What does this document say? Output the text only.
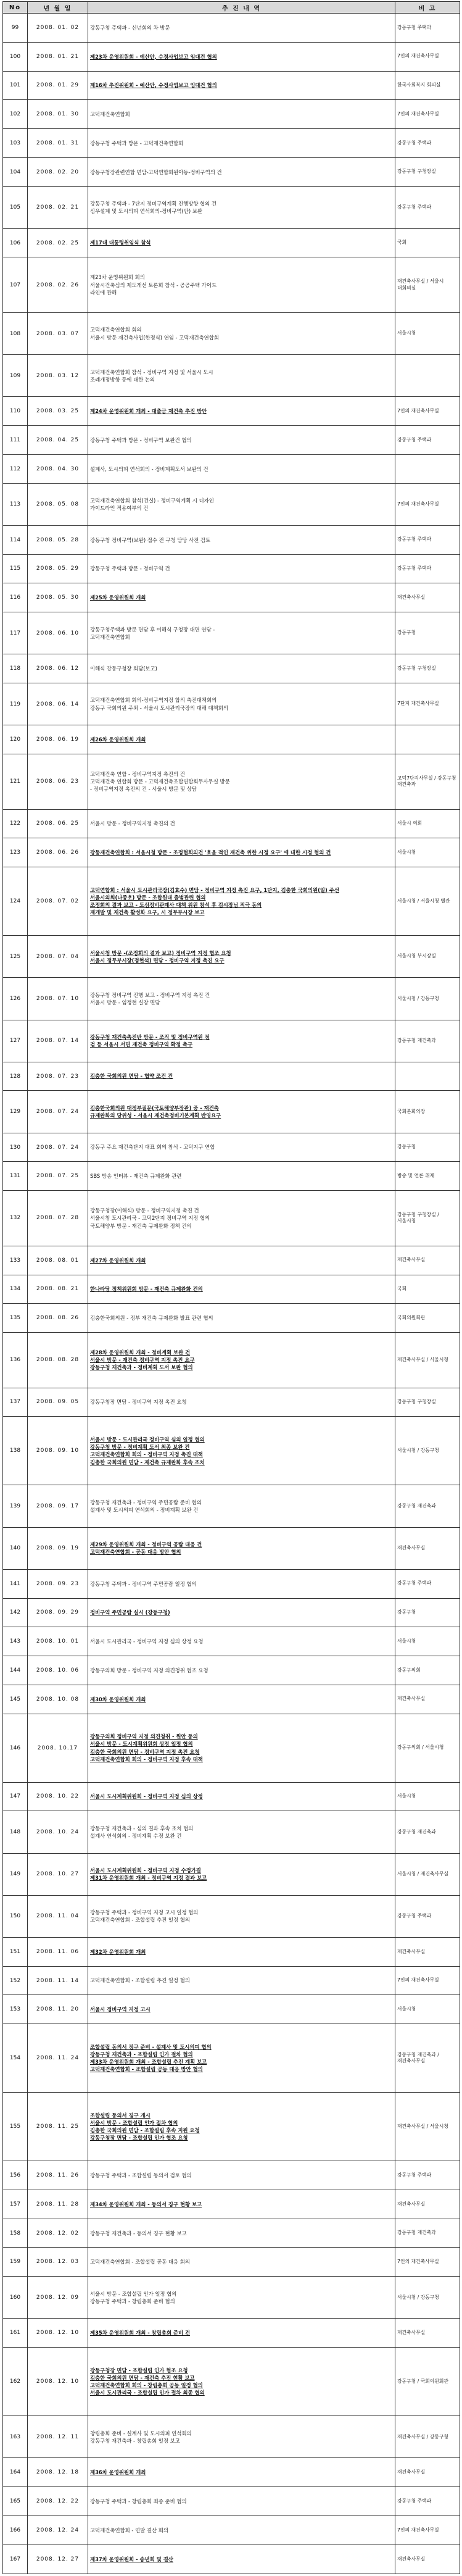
No	년 월 일	추 진 내 역	비 고
99	2008. 01. 02	강동구청 주택과 - 신년회의 차 방문	강동구청 주택과
100	2008. 01. 21	제23차 운영위원회 - 예산안, 수정사업보고 임대건 협의	7인의 재건축사무실
101	2008. 01. 29	제16차 추진위원회 - 예산안, 수정사업보고 임대건 협의	한국사회복지 회의실
102	2008. 01. 30	고덕재건축연합회	7인의 재건축사무실
103	2008. 01. 31	강동구청 주택과 방문 - 고덕재건축연합회	강동구청 주택과
104	2008. 02. 20	강동구청장관련연합 면담-고덕연합회원아동-정비구역의 건	강동구청 구청장실
105	2008. 02. 21	강동구청 주택과 - 7단지 정비구역계획 진행방향 협의 건
심우설계 및 도시의피 연석회의-정비구역(안) 보완	강동구청 주택과
106	2008. 02. 25	제17대 대통령취임식 참석	국회
107	2008. 02. 26	제23차 운영위원회 회의
서울시건축심의 제도개선 토론회 참석 - 공공주택 가이드
라인에 관해	재건축사무실 / 서울시 대회의실
108	2008. 03. 07	고덕재건축연합회 회의
서울시 방문 재건축사업(한정식) 연임 - 고덕재건축연합회	서울시청
109	2008. 03. 12	고덕재건축연합회 참석 - 정비구역 지정 및 서울시 도시
조례개정방향 등에 대한 논의	

110	2008. 03. 25	제24차 운영위원회 개최 - 대출금 재건축 추진 방안	7인의 재건축사무실
111	2008. 04. 25	강동구청 주택과 방문 - 정비구역 보완건 협의	강동구청 주택과
112	2008. 04. 30	설계사, 도시의피 연석회의 - 정비계획도서 보완의 건	

113	2008. 05. 08	고덕재건축연합회 참석(건실) - 정비구역계획 시 디자인
가이드라인 적용여부의 건	7인의 재건축사무실
114	2008. 05. 28	강동구청 정비구역(보완) 접수 전 구청 담당 사전 검토	강동구청 주택과
115	2008. 05. 29	강동구청 주택과 방문 - 정비구역 건	강동구청 주택과
116	2008. 05. 30	제25차 운영위원회 개최	재건축사무실
117	2008. 06. 10	강동구청주택과 방문 면담 후 이해식 구청장 대면 연담 -
고덕재건축연합회	강동구청
118	2008. 06. 12	이해식 강동구청장 회담(보고)	강동구청 구청장실
119	2008. 06. 14	고덕재건축연합회 회의-정비구역지정 합의 축진대책회의
강동구 국회의원 주최 - 서울시 도시관리국장의 대해 대책회의	7단지 재건축사무실
120	2008. 06. 19	제26차 운영위원회 개최	

121	2008. 06. 23	고덕재건축 연합 - 정비구역지정 촉진의 건
고덕재건축 연합회 방문 - 고덕재건축조합연합회무사무실 방문
- 정비구역지정 촉진의 건 - 서울시 방문 및 상담	고덕7단지사무실 / 강동구청 재건축과
122	2008. 06. 25	서울시 방문 - 정비구역지정 촉진의 건	서울시 의회
123	2008. 06. 26	강동재건축연합회 : 서울시청 방문 - 조정협회의건 '효율 적인 재건축 위한 시정 요구' 에 대한 시정 협의 건	서울시청
124	2008. 07. 02	고덕연합회 : 서울시 도시관리국장(김효수) 면담 - 정비구역 지정 촉진 요구, 1단지, 김충한 국회의원(일) 주선
서울시의회(나종호) 방문 - 조합원대 출범관련 협의
조정회의 결과 보고 - 도심정비관계사 대책 위원 참석 후 김시장님 적극 동의
재개발 및 재건축 활성화 요구, 시 정무부시장 보고	서울시청 / 서울시청 별관
125	2008. 07. 04	서울시청 방문 -(조정회의 결과 보고) 정비구역 지정 협조 요청
서울시 정무부시장(정현석) 면담 - 정비구역 지정 촉진 요구	서울시청 부시장실
126	2008. 07. 10	강동구청 정비구역 진행 보고 - 정비구역 지정 촉진 건
서울시 방문 - 임정현 실장 면담	서울시청 / 강동구청
127	2008. 07. 14	강동구청 재건축촉진반 방문 - 조직 및 정비구역원 점
검 등 서울시 서면 재건축 정비구역 확정 촉구	강동구청 재건축과
128	2008. 07. 23	김충한 국회의원 면담 - 협약 조건 건	

129	2008. 07. 24	김충한국회의원 대정부질문(국토해양부장관) 중 - 재건축
규제완화의 당위성 - 서울시 재건축정비기본계획 반영요구	국회본회의장
130	2008. 07. 24	강동구 주요 재건축단지 대표 회의 참석 - 고덕지구 연합	강동구청
131	2008. 07. 25	SBS 방송 인터뷰 - 재건축 규제완화 관련	방송 및 언론 취재
132	2008. 07. 28	강동구청장(이해식) 방문 - 정비구역지정 촉진 건
서울시청 도시관리국 - 고덕2단지 정비구역 지정 협의
국토해양부 방문 - 재건축 규제완화 정책 건의	강동구청 구청장실 / 서울시청
133	2008. 08. 01	제27차 운영위원회 개최	재건축사무실
134	2008. 08. 21	한나라당 정책위원회 방문 - 재건축 규제완화 건의	국회
135	2008. 08. 26	김충한국회의원 - 정부 재건축 규제완화 발표 관련 협의	국회의원회관
136	2008. 08. 28	제28차 운영위원회 개최 - 정비계획 보완 건
서울시 방문 - 재건축 정비구역 지정 촉진 요구
강동구청 재건축과 - 정비계획 도서 보완 협의	재건축사무실 / 서울시청
137	2008. 09. 05	강동구청장 면담 - 정비구역 지정 촉진 요청	강동구청 구청장실
138	2008. 09. 10	서울시 방문 - 도시관리국 정비구역 심의 일정 협의
강동구청 방문 - 정비계획 도서 최종 보완 건
고덕재건축연합회 회의 - 정비구역 지정 촉진 대책
김충한 국회의원 면담 - 재건축 규제완화 후속 조치	서울시청 / 강동구청
139	2008. 09. 17	강동구청 재건축과 - 정비구역 주민공람 준비 협의
설계사 및 도시의피 연석회의 - 정비계획 보완 건	강동구청 재건축과
140	2008. 09. 19	제29차 운영위원회 개최 - 정비구역 공람 대응 건
고덕재건축연합회 - 공동 대응 방안 협의	재건축사무실
141	2008. 09. 23	강동구청 주택과 - 정비구역 주민공람 일정 협의	강동구청 주택과
142	2008. 09. 29	정비구역 주민공람 실시 (강동구청)	강동구청
143	2008. 10. 01	서울시 도시관리국 - 정비구역 지정 심의 상정 요청	서울시청
144	2008. 10. 06	강동구의회 방문 - 정비구역 지정 의견청취 협조 요청	강동구의회
145	2008. 10. 08	제30차 운영위원회 개최	재건축사무실
146	2008. 10.17	강동구의회 정비구역 지정 의견청취 - 원안 동의
서울시 방문 - 도시계획위원회 상정 일정 협의
김충한 국회의원 면담 - 정비구역 지정 촉진 요청
고덕재건축연합회 회의 - 정비구역 지정 후속 대책	강동구의회 / 서울시청
147	2008. 10. 22	서울시 도시계획위원회 - 정비구역 지정 심의 상정	서울시청
148	2008. 10. 24	강동구청 재건축과 - 심의 결과 후속 조치 협의
설계사 연석회의 - 정비계획 수정 보완 건	강동구청 재건축과
149	2008. 10. 27	서울시 도시계획위원회 - 정비구역 지정 수정가결
제31차 운영위원회 개최 - 정비구역 지정 결과 보고	서울시청 / 재건축사무실
150	2008. 11. 04	강동구청 주택과 - 정비구역 지정 고시 일정 협의
고덕재건축연합회 - 조합설립 추진 일정 협의	강동구청 주택과
151	2008. 11. 06	제32차 운영위원회 개최	재건축사무실
152	2008. 11. 14	고덕재건축연합회 - 조합설립 추진 일정 협의	7인의 재건축사무실
153	2008. 11. 20	서울시 정비구역 지정 고시	서울시청
154	2008. 11. 24	조합설립 동의서 징구 준비 - 설계사 및 도시의피 협의
강동구청 재건축과 - 조합설립 인가 절차 협의
제33차 운영위원회 개최 - 조합설립 추진 계획 보고
고덕재건축연합회 - 조합설립 공동 대응 방안 협의	강동구청 재건축과 / 재건축사무실
155	2008. 11. 25	조합설립 동의서 징구 개시
서울시 방문 - 조합설립 인가 절차 협의
김충한 국회의원 면담 - 조합설립 후속 지원 요청
강동구청장 면담 - 조합설립 인가 협조 요청	재건축사무실 / 서울시청
156	2008. 11. 26	강동구청 주택과 - 조합설립 동의서 검토 협의	강동구청 주택과
157	2008. 11. 28	제34차 운영위원회 개최 - 동의서 징구 현황 보고	재건축사무실
158	2008. 12. 02	강동구청 재건축과 - 동의서 징구 현황 보고	강동구청 재건축과
159	2008. 12. 03	고덕재건축연합회 - 조합설립 공동 대응 회의	7인의 재건축사무실
160	2008. 12. 09	서울시 방문 - 조합설립 인가 일정 협의
강동구청 주택과 - 창립총회 준비 협의	서울시청 / 강동구청
161	2008. 12. 10	제35차 운영위원회 개최 - 창립총회 준비 건	재건축사무실
162	2008. 12. 10	강동구청장 면담 - 조합설립 인가 협조 요청
김충한 국회의원 면담 - 재건축 추진 현황 보고
고덕재건축연합회 회의 - 창립총회 공동 일정 협의
서울시 도시관리국 - 조합설립 인가 절차 최종 협의	강동구청 / 국회의원회관
163	2008. 12. 11	창립총회 준비 - 설계사 및 도시의피 연석회의
강동구청 재건축과 - 창립총회 일정 보고	재건축사무실 / 강동구청
164	2008. 12. 18	제36차 운영위원회 개최	재건축사무실
165	2008. 12. 22	강동구청 주택과 - 창립총회 최종 준비 협의	강동구청 주택과
166	2008. 12. 24	고덕재건축연합회 - 연말 결산 회의	7인의 재건축사무실
167	2008. 12. 27	제37차 운영위원회 - 송년회 및 결산	재건축사무실
